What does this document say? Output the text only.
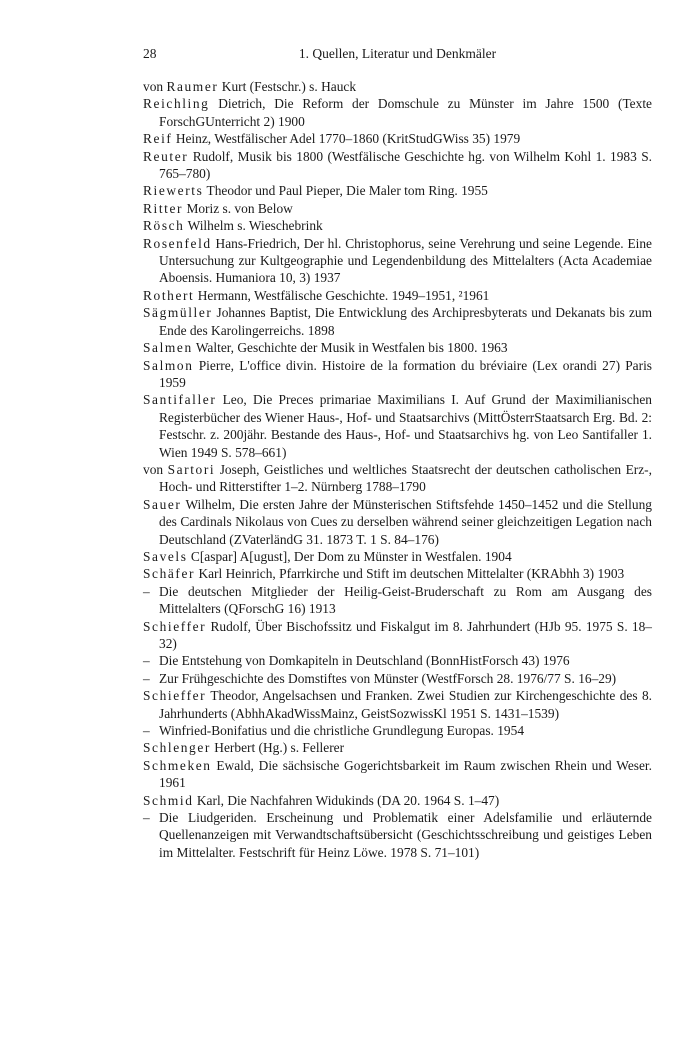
28	1. Quellen, Literatur und Denkmäler
von Raumer Kurt (Festschr.) s. Hauck
Reichling Dietrich, Die Reform der Domschule zu Münster im Jahre 1500 (Texte ForschGUnterricht 2) 1900
Reif Heinz, Westfälischer Adel 1770–1860 (KritStudGWiss 35) 1979
Reuter Rudolf, Musik bis 1800 (Westfälische Geschichte hg. von Wilhelm Kohl 1. 1983 S. 765–780)
Riewerts Theodor und Paul Pieper, Die Maler tom Ring. 1955
Ritter Moriz s. von Below
Rösch Wilhelm s. Wieschebrink
Rosenfeld Hans-Friedrich, Der hl. Christophorus, seine Verehrung und seine Legende. Eine Untersuchung zur Kultgeographie und Legendenbildung des Mittelalters (Acta Academiae Aboensis. Humaniora 10, 3) 1937
Rothert Hermann, Westfälische Geschichte. 1949–1951, ²1961
Sägmüller Johannes Baptist, Die Entwicklung des Archipresbyterats und Dekanats bis zum Ende des Karolingerreichs. 1898
Salmen Walter, Geschichte der Musik in Westfalen bis 1800. 1963
Salmon Pierre, L'office divin. Histoire de la formation du bréviaire (Lex orandi 27) Paris 1959
Santifaller Leo, Die Preces primariae Maximilians I. Auf Grund der Maximilianischen Registerbücher des Wiener Haus-, Hof- und Staatsarchivs (MittÖsterrStaatsarch Erg. Bd. 2: Festschr. z. 200jähr. Bestande des Haus-, Hof- und Staatsarchivs hg. von Leo Santifaller 1. Wien 1949 S. 578–661)
von Sartori Joseph, Geistliches und weltliches Staatsrecht der deutschen catholischen Erz-, Hoch- und Ritterstifter 1–2. Nürnberg 1788–1790
Sauer Wilhelm, Die ersten Jahre der Münsterischen Stiftsfehde 1450–1452 und die Stellung des Cardinals Nikolaus von Cues zu derselben während seiner gleichzeitigen Legation nach Deutschland (ZVaterländG 31. 1873 T. 1 S. 84–176)
Savels C[aspar] A[ugust], Der Dom zu Münster in Westfalen. 1904
Schäfer Karl Heinrich, Pfarrkirche und Stift im deutschen Mittelalter (KRAbhh 3) 1903
– Die deutschen Mitglieder der Heilig-Geist-Bruderschaft zu Rom am Ausgang des Mittelalters (QForschG 16) 1913
Schieffer Rudolf, Über Bischofssitz und Fiskalgut im 8. Jahrhundert (HJb 95. 1975 S. 18–32)
– Die Entstehung von Domkapiteln in Deutschland (BonnHistForsch 43) 1976
– Zur Frühgeschichte des Domstiftes von Münster (WestfForsch 28. 1976/77 S. 16–29)
Schieffer Theodor, Angelsachsen und Franken. Zwei Studien zur Kirchengeschichte des 8. Jahrhunderts (AbhhAkadWissMainz, GeistSozwissKl 1951 S. 1431–1539)
– Winfried-Bonifatius und die christliche Grundlegung Europas. 1954
Schlenger Herbert (Hg.) s. Fellerer
Schmeken Ewald, Die sächsische Gogerichtsbarkeit im Raum zwischen Rhein und Weser. 1961
Schmid Karl, Die Nachfahren Widukinds (DA 20. 1964 S. 1–47)
– Die Liudgeriden. Erscheinung und Problematik einer Adelsfamilie und erläuternde Quellenanzeigen mit Verwandtschaftsübersicht (Geschichtsschreibung und geistiges Leben im Mittelalter. Festschrift für Heinz Löwe. 1978 S. 71–101)
